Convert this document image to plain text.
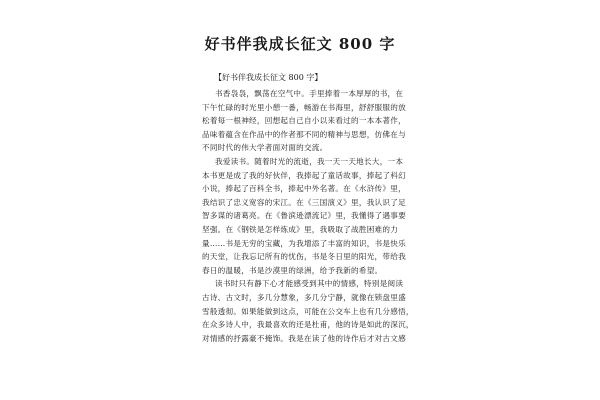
好书伴我成长征文 800 字
【好书伴我成长征文 800 字】

书香袅袅，飘荡在空气中。手里捧着一本厚厚的书，在

下午忙碌的时光里小憩一番，畅游在书海里，舒舒服服的放

松着每一根神经，回想起自己自小以来看过的一本本著作，

品味着蕴含在作品中的作者那不同的精神与思想，仿佛在与

不同时代的伟大学者面对面的交流。

我爱读书。随着时光的流逝，我一天一天地长大，一本

本书更是成了我的好伙伴，我捧起了童话故事，捧起了科幻

小说，捧起了百科全书，捧起中外名著。在《水浒传》里，

我结识了忠义宽容的宋江。在《三国演义》里，我认识了足

智多谋的诸葛亮。在《鲁滨逊漂流记》里，我懂得了遇事要

坚强。在《钢铁是怎样炼成》里，我吸取了战胜困难的力

量……书是无穷的宝藏，为我增添了丰富的知识，书是快乐

的天堂，让我忘记所有的忧伤，书是冬日里的阳光，带给我

春日的温暖，书是沙漠里的绿洲，给予我新的希望。

读书时只有静下心才能感受到其中的情感，特别是阅读

古诗、古文时，多几分慧象，多几分宁静，就像在锁盘里盛

雪般透彻。如果能做到这点，可能在公交车上也有几分感悟，

在众多诗人中，我最喜欢的还是杜甫，他的诗是如此的深沉，

对情感的抒露豪不掩饰。我是在读了他的诗作后才对古文感
